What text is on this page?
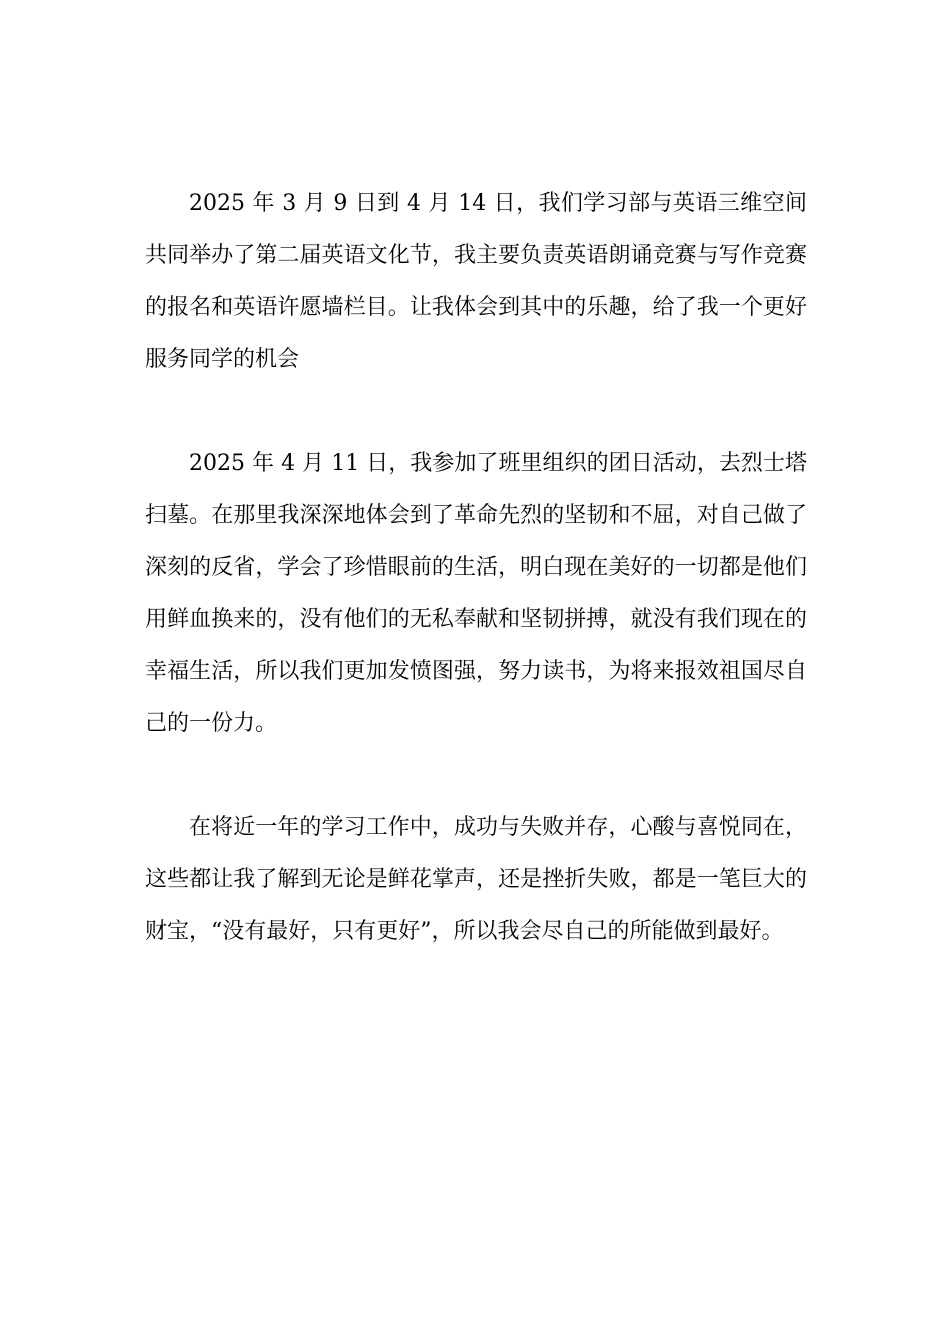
2025 年 3 月 9 日到 4 月 14 日，我们学习部与英语三维空间共同举办了第二届英语文化节，我主要负责英语朗诵竞赛与写作竞赛的报名和英语许愿墙栏目。让我体会到其中的乐趣，给了我一个更好服务同学的机会

2025 年 4 月 11 日，我参加了班里组织的团日活动，去烈士塔扫墓。在那里我深深地体会到了革命先烈的坚韧和不屈，对自己做了深刻的反省，学会了珍惜眼前的生活，明白现在美好的一切都是他们用鲜血换来的，没有他们的无私奉献和坚韧拼搏，就没有我们现在的幸福生活，所以我们更加发愤图强，努力读书，为将来报效祖国尽自己的一份力。

在将近一年的学习工作中，成功与失败并存，心酸与喜悦同在，这些都让我了解到无论是鲜花掌声，还是挫折失败，都是一笔巨大的财宝，“没有最好，只有更好”，所以我会尽自己的所能做到最好。
